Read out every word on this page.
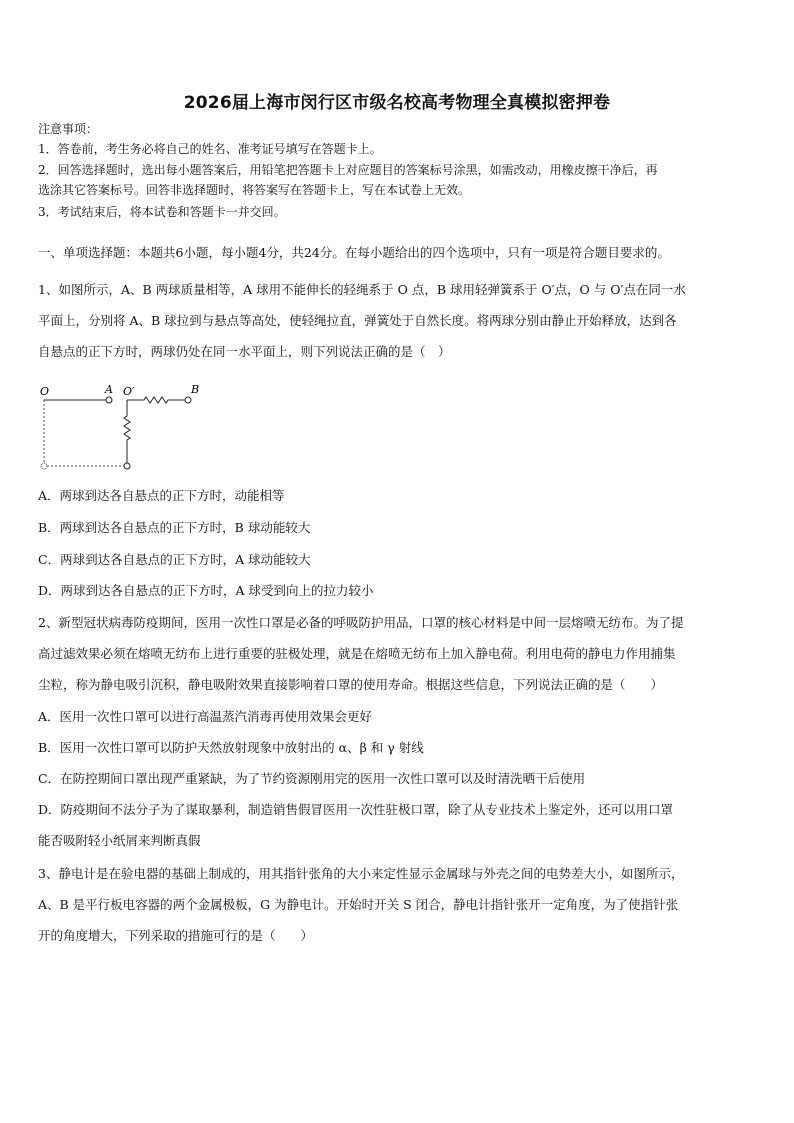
2026届上海市闵行区市级名校高考物理全真模拟密押卷
注意事项：
1．答卷前，考生务必将自己的姓名、准考证号填写在答题卡上。
2．回答选择题时，选出每小题答案后，用铅笔把答题卡上对应题目的答案标号涂黑，如需改动，用橡皮擦干净后，再
选涂其它答案标号。回答非选择题时，将答案写在答题卡上，写在本试卷上无效。
3．考试结束后，将本试卷和答题卡一并交回。
一、单项选择题：本题共6小题，每小题4分，共24分。在每小题给出的四个选项中，只有一项是符合题目要求的。
1、如图所示，A、B 两球质量相等，A 球用不能伸长的轻绳系于 O 点，B 球用轻弹簧系于 O′点，O 与 O′点在同一水
平面上，分别将 A、B 球拉到与悬点等高处，使轻绳拉直，弹簧处于自然长度。将两球分别由静止开始释放，达到各
自悬点的正下方时，两球仍处在同一水平面上，则下列说法正确的是（　）
O	A O′	B
A．两球到达各自悬点的正下方时，动能相等
B．两球到达各自悬点的正下方时，B 球动能较大
C．两球到达各自悬点的正下方时，A 球动能较大
D．两球到达各自悬点的正下方时，A 球受到向上的拉力较小
2、新型冠状病毒防疫期间，医用一次性口罩是必备的呼吸防护用品，口罩的核心材料是中间一层熔喷无纺布。为了提
高过滤效果必须在熔喷无纺布上进行重要的驻极处理，就是在熔喷无纺布上加入静电荷。利用电荷的静电力作用捕集
尘粒，称为静电吸引沉积，静电吸附效果直接影响着口罩的使用寿命。根据这些信息，下列说法正确的是（　　）
A．医用一次性口罩可以进行高温蒸汽消毒再使用效果会更好
B．医用一次性口罩可以防护天然放射现象中放射出的 α、β 和 γ 射线
C．在防控期间口罩出现严重紧缺，为了节约资源刚用完的医用一次性口罩可以及时清洗晒干后使用
D．防疫期间不法分子为了谋取暴利，制造销售假冒医用一次性驻极口罩，除了从专业技术上鉴定外，还可以用口罩
能否吸附轻小纸屑来判断真假
3、静电计是在验电器的基础上制成的，用其指针张角的大小来定性显示金属球与外壳之间的电势差大小，如图所示，
A、B 是平行板电容器的两个金属极板，G 为静电计。开始时开关 S 闭合，静电计指针张开一定角度，为了使指针张
开的角度增大，下列采取的措施可行的是（　　）
